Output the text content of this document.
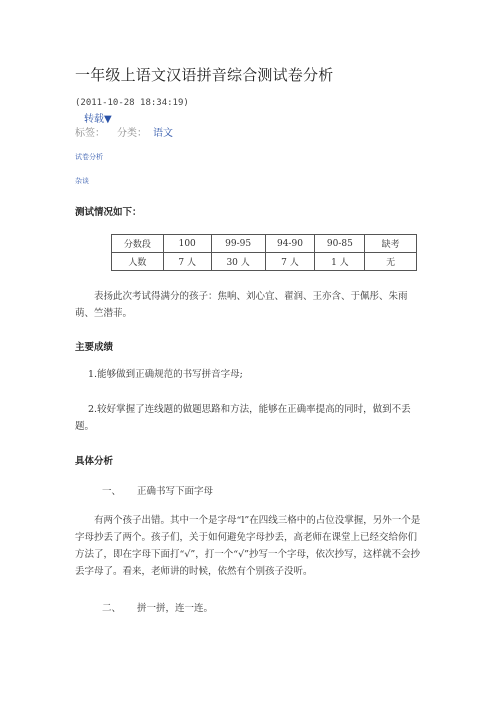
一年级上语文汉语拼音综合测试卷分析
(2011-10-28 18:34:19)
转载▼
标签： 分类： 语文
试卷分析
杂谈
测试情况如下：
分数段	100	99-95	94-90	90-85	缺考
人数	7 人	30 人	7 人	1 人	无
表扬此次考试得满分的孩子：焦响、刘心宜、翟润、王亦含、于佩彤、朱雨萌、竺潜菲。
主要成绩
1.能够做到正确规范的书写拼音字母;
2.较好掌握了连线题的做题思路和方法，能够在正确率提高的同时，做到不丢题。
具体分析
一、 正确书写下面字母
有两个孩子出错。其中一个是字母“l”在四线三格中的占位没掌握，另外一个是字母抄丢了两个。孩子们，关于如何避免字母抄丢，高老师在课堂上已经交给你们方法了，即在字母下面打“√”，打一个“√”抄写一个字母，依次抄写，这样就不会抄丢字母了。看来，老师讲的时候，依然有个别孩子没听。
二、 拼一拼，连一连。
